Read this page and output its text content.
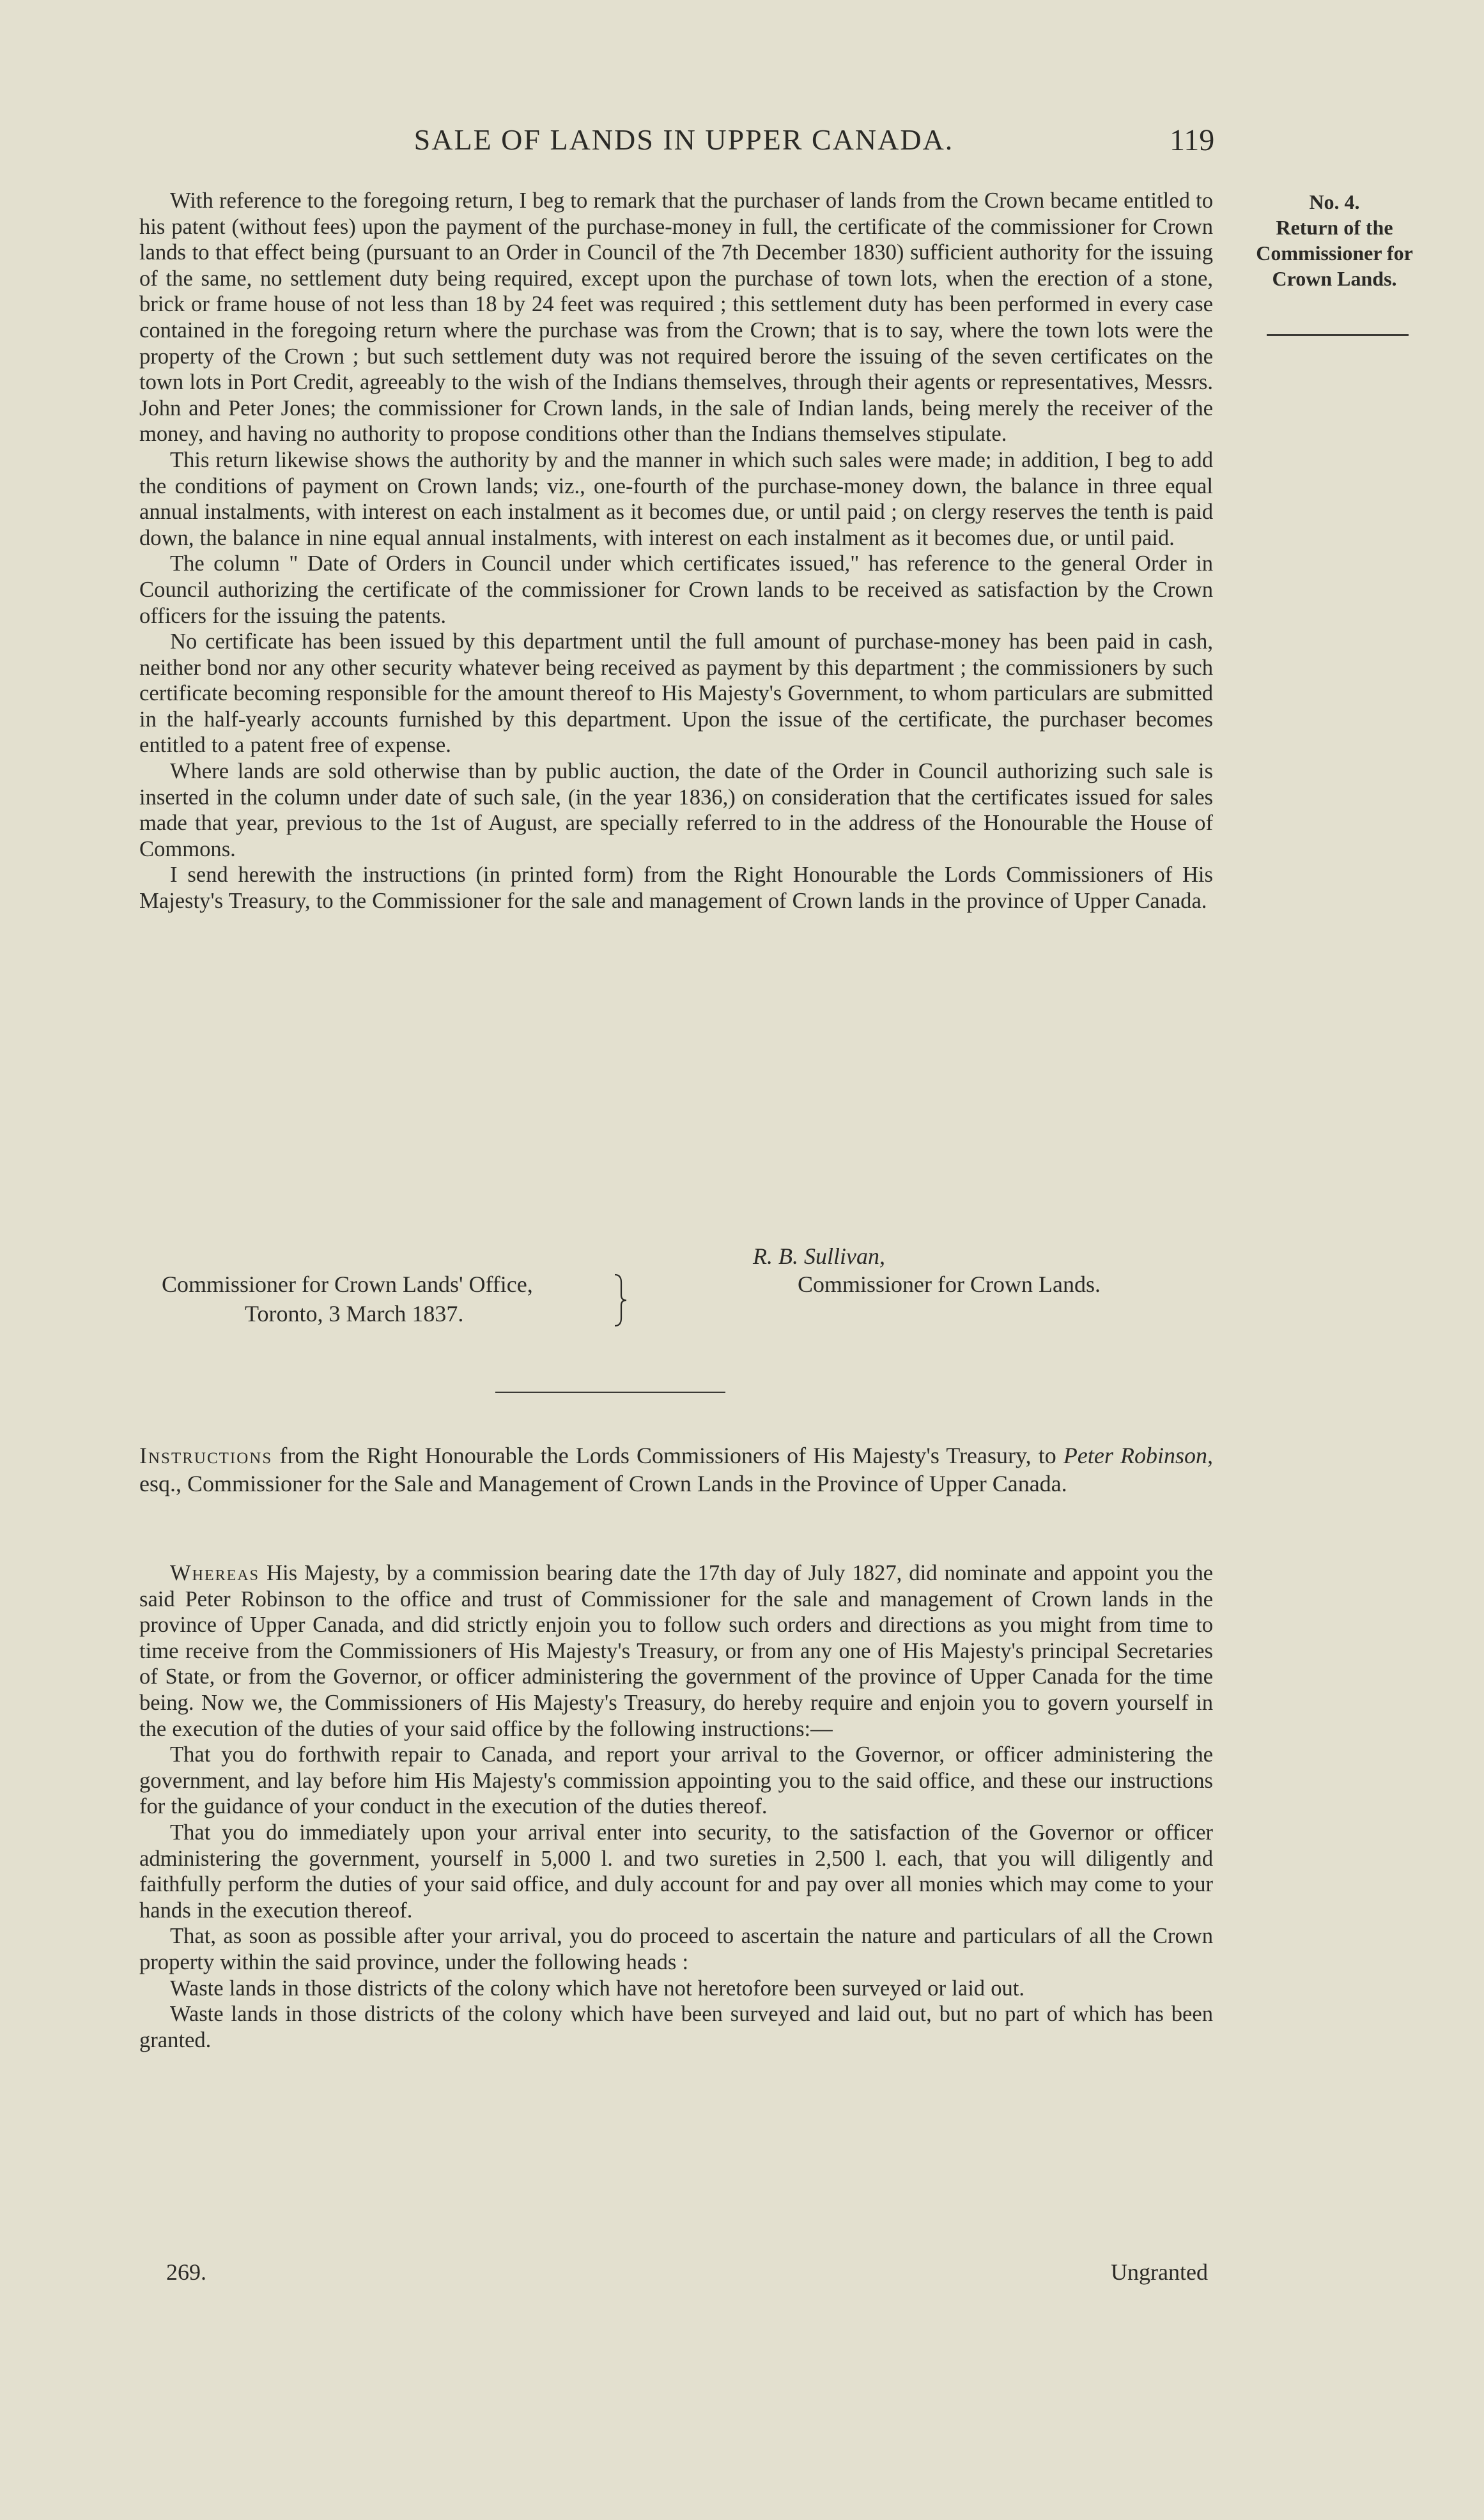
SALE OF LANDS IN UPPER CANADA.	119
No. 4.
Return of the
Commissioner for
Crown Lands.

With reference to the foregoing return, I beg to remark that the purchaser of lands from the Crown became entitled to his patent (without fees) upon the payment of the purchase-money in full, the certificate of the commissioner for Crown lands to that effect being (pursuant to an Order in Council of the 7th December 1830) sufficient authority for the issuing of the same, no settlement duty being required, except upon the purchase of town lots, when the erection of a stone, brick or frame house of not less than 18 by 24 feet was required ; this settlement duty has been performed in every case contained in the foregoing return where the purchase was from the Crown; that is to say, where the town lots were the property of the Crown ; but such settlement duty was not required berore the issuing of the seven certificates on the town lots in Port Credit, agreeably to the wish of the Indians themselves, through their agents or representatives, Messrs. John and Peter Jones; the commissioner for Crown lands, in the sale of Indian lands, being merely the receiver of the money, and having no authority to propose conditions other than the Indians themselves stipulate.

This return likewise shows the authority by and the manner in which such sales were made; in addition, I beg to add the conditions of payment on Crown lands; viz., one-fourth of the purchase-money down, the balance in three equal annual instalments, with interest on each instalment as it becomes due, or until paid ; on clergy reserves the tenth is paid down, the balance in nine equal annual instalments, with interest on each instalment as it becomes due, or until paid.

The column " Date of Orders in Council under which certificates issued," has reference to the general Order in Council authorizing the certificate of the commissioner for Crown lands to be received as satisfaction by the Crown officers for the issuing the patents.

No certificate has been issued by this department until the full amount of purchase-money has been paid in cash, neither bond nor any other security whatever being received as payment by this department ; the commissioners by such certificate becoming responsible for the amount thereof to His Majesty's Government, to whom particulars are submitted in the half-yearly accounts furnished by this department. Upon the issue of the certificate, the purchaser becomes entitled to a patent free of expense.

Where lands are sold otherwise than by public auction, the date of the Order in Council authorizing such sale is inserted in the column under date of such sale, (in the year 1836,) on consideration that the certificates issued for sales made that year, previous to the 1st of August, are specially referred to in the address of the Honourable the House of Commons.

I send herewith the instructions (in printed form) from the Right Honourable the Lords Commissioners of His Majesty's Treasury, to the Commissioner for the sale and management of Crown lands in the province of Upper Canada.

R. B. Sullivan,
Commissioner for Crown Lands.
Commissioner for Crown Lands' Office,
Toronto, 3 March 1837.
Instructions from the Right Honourable the Lords Commissioners of His Majesty's Treasury, to Peter Robinson, esq., Commissioner for the Sale and Management of Crown Lands in the Province of Upper Canada.

Whereas His Majesty, by a commission bearing date the 17th day of July 1827, did nominate and appoint you the said Peter Robinson to the office and trust of Commissioner for the sale and management of Crown lands in the province of Upper Canada, and did strictly enjoin you to follow such orders and directions as you might from time to time receive from the Commissioners of His Majesty's Treasury, or from any one of His Majesty's principal Secretaries of State, or from the Governor, or officer administering the government of the province of Upper Canada for the time being. Now we, the Commissioners of His Majesty's Treasury, do hereby require and enjoin you to govern yourself in the execution of the duties of your said office by the following instructions:—

That you do forthwith repair to Canada, and report your arrival to the Governor, or officer administering the government, and lay before him His Majesty's commission appointing you to the said office, and these our instructions for the guidance of your conduct in the execution of the duties thereof.

That you do immediately upon your arrival enter into security, to the satisfaction of the Governor or officer administering the government, yourself in 5,000 l. and two sureties in 2,500 l. each, that you will diligently and faithfully perform the duties of your said office, and duly account for and pay over all monies which may come to your hands in the execution thereof.

That, as soon as possible after your arrival, you do proceed to ascertain the nature and particulars of all the Crown property within the said province, under the following heads :

Waste lands in those districts of the colony which have not heretofore been surveyed or laid out.

Waste lands in those districts of the colony which have been surveyed and laid out, but no part of which has been granted.

269.	Ungranted
